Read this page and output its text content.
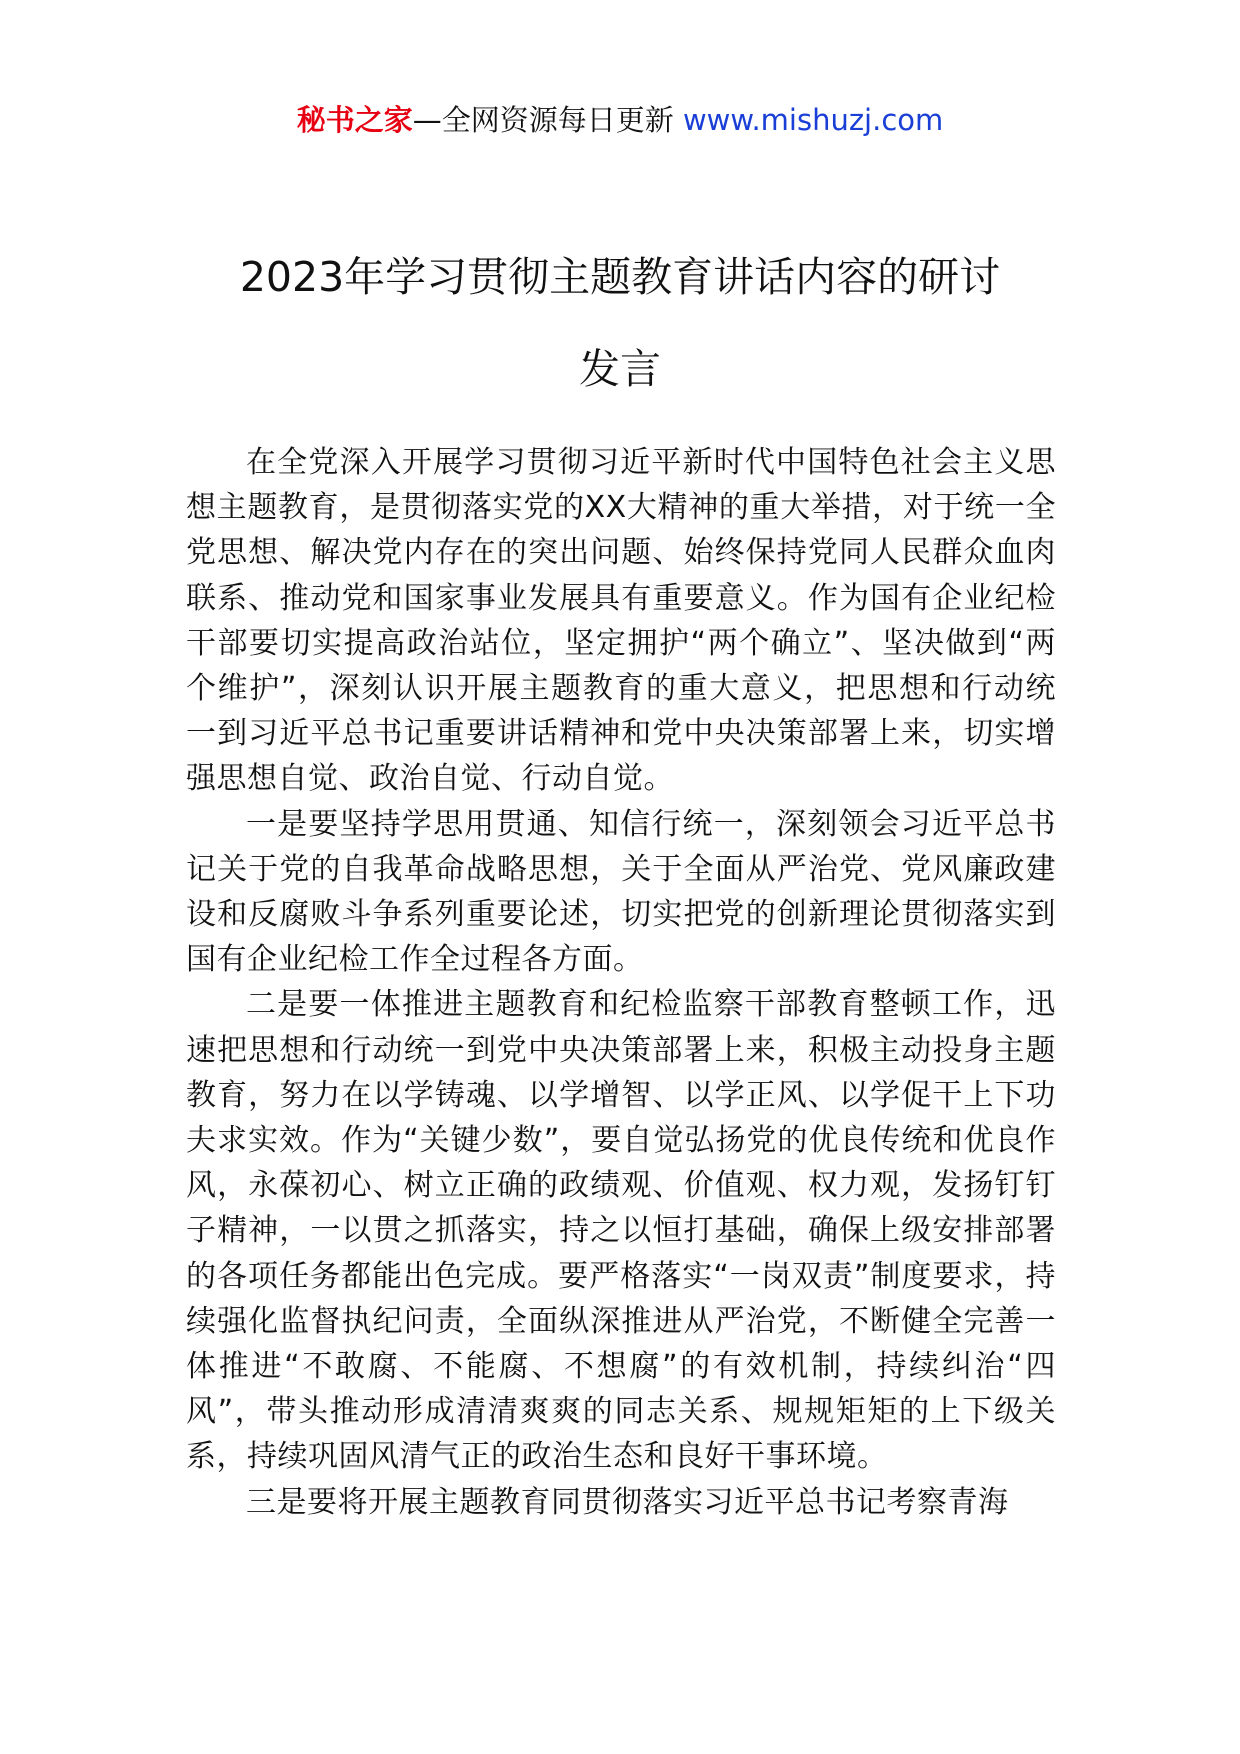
秘书之家—全网资源每日更新 www.mishuzj.com
2023年学习贯彻主题教育讲话内容的研讨
发言

在全党深入开展学习贯彻习近平新时代中国特色社会主义思想主题教育，是贯彻落实党的XX大精神的重大举措，对于统一全党思想、解决党内存在的突出问题、始终保持党同人民群众血肉联系、推动党和国家事业发展具有重要意义。作为国有企业纪检干部要切实提高政治站位，坚定拥护“两个确立”、坚决做到“两个维护”，深刻认识开展主题教育的重大意义，把思想和行动统一到习近平总书记重要讲话精神和党中央决策部署上来，切实增强思想自觉、政治自觉、行动自觉。

一是要坚持学思用贯通、知信行统一，深刻领会习近平总书记关于党的自我革命战略思想，关于全面从严治党、党风廉政建设和反腐败斗争系列重要论述，切实把党的创新理论贯彻落实到国有企业纪检工作全过程各方面。

二是要一体推进主题教育和纪检监察干部教育整顿工作，迅速把思想和行动统一到党中央决策部署上来，积极主动投身主题教育，努力在以学铸魂、以学增智、以学正风、以学促干上下功夫求实效。作为“关键少数”，要自觉弘扬党的优良传统和优良作风，永葆初心、树立正确的政绩观、价值观、权力观，发扬钉钉子精神，一以贯之抓落实，持之以恒打基础，确保上级安排部署的各项任务都能出色完成。要严格落实“一岗双责”制度要求，持续强化监督执纪问责，全面纵深推进从严治党，不断健全完善一体推进“不敢腐、不能腐、不想腐”的有效机制，持续纠治“四风”，带头推动形成清清爽爽的同志关系、规规矩矩的上下级关系，持续巩固风清气正的政治生态和良好干事环境。

三是要将开展主题教育同贯彻落实习近平总书记考察青海
